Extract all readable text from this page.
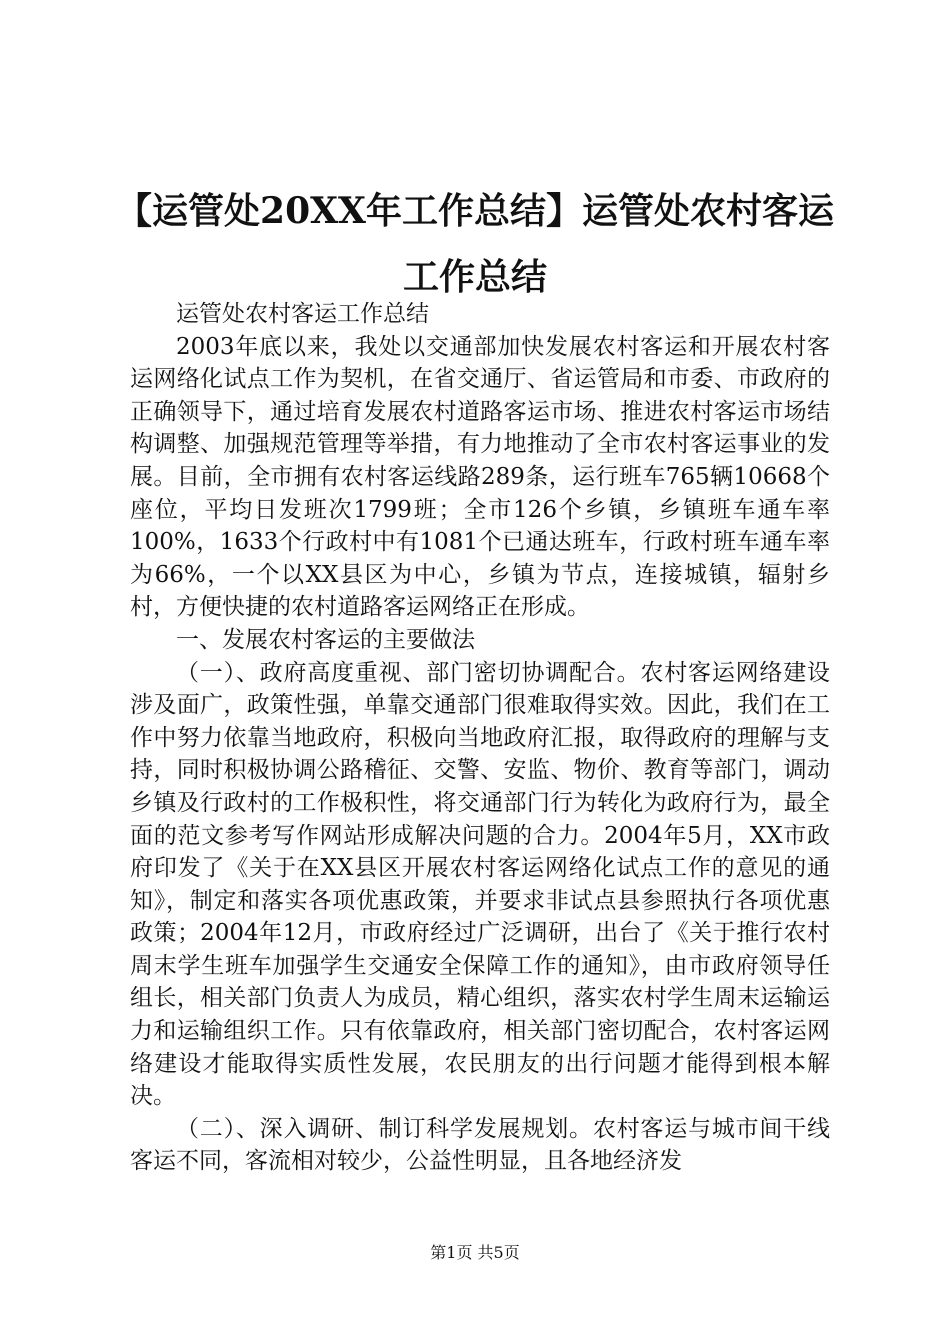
【运管处20XX年工作总结】运管处农村客运工作总结

运管处农村客运工作总结

2003年底以来，我处以交通部加快发展农村客运和开展农村客运网络化试点工作为契机，在省交通厅、省运管局和市委、市政府的正确领导下，通过培育发展农村道路客运市场、推进农村客运市场结构调整、加强规范管理等举措，有力地推动了全市农村客运事业的发展。目前，全市拥有农村客运线路289条，运行班车765辆10668个座位，平均日发班次1799班；全市126个乡镇，乡镇班车通车率100%，1633个行政村中有1081个已通达班车，行政村班车通车率为66%，一个以XX县区为中心，乡镇为节点，连接城镇，辐射乡村，方便快捷的农村道路客运网络正在形成。

一、发展农村客运的主要做法

（一）、政府高度重视、部门密切协调配合。农村客运网络建设涉及面广，政策性强，单靠交通部门很难取得实效。因此，我们在工作中努力依靠当地政府，积极向当地政府汇报，取得政府的理解与支持，同时积极协调公路稽征、交警、安监、物价、教育等部门，调动乡镇及行政村的工作极积性，将交通部门行为转化为政府行为，最全面的范文参考写作网站形成解决问题的合力。2004年5月，XX市政府印发了《关于在XX县区开展农村客运网络化试点工作的意见的通知》，制定和落实各项优惠政策，并要求非试点县参照执行各项优惠政策；2004年12月，市政府经过广泛调研，出台了《关于推行农村周末学生班车加强学生交通安全保障工作的通知》，由市政府领导任组长，相关部门负责人为成员，精心组织，落实农村学生周末运输运力和运输组织工作。只有依靠政府，相关部门密切配合，农村客运网络建设才能取得实质性发展，农民朋友的出行问题才能得到根本解决。

（二）、深入调研、制订科学发展规划。农村客运与城市间干线客运不同，客流相对较少，公益性明显，且各地经济发

第1页 共5页
